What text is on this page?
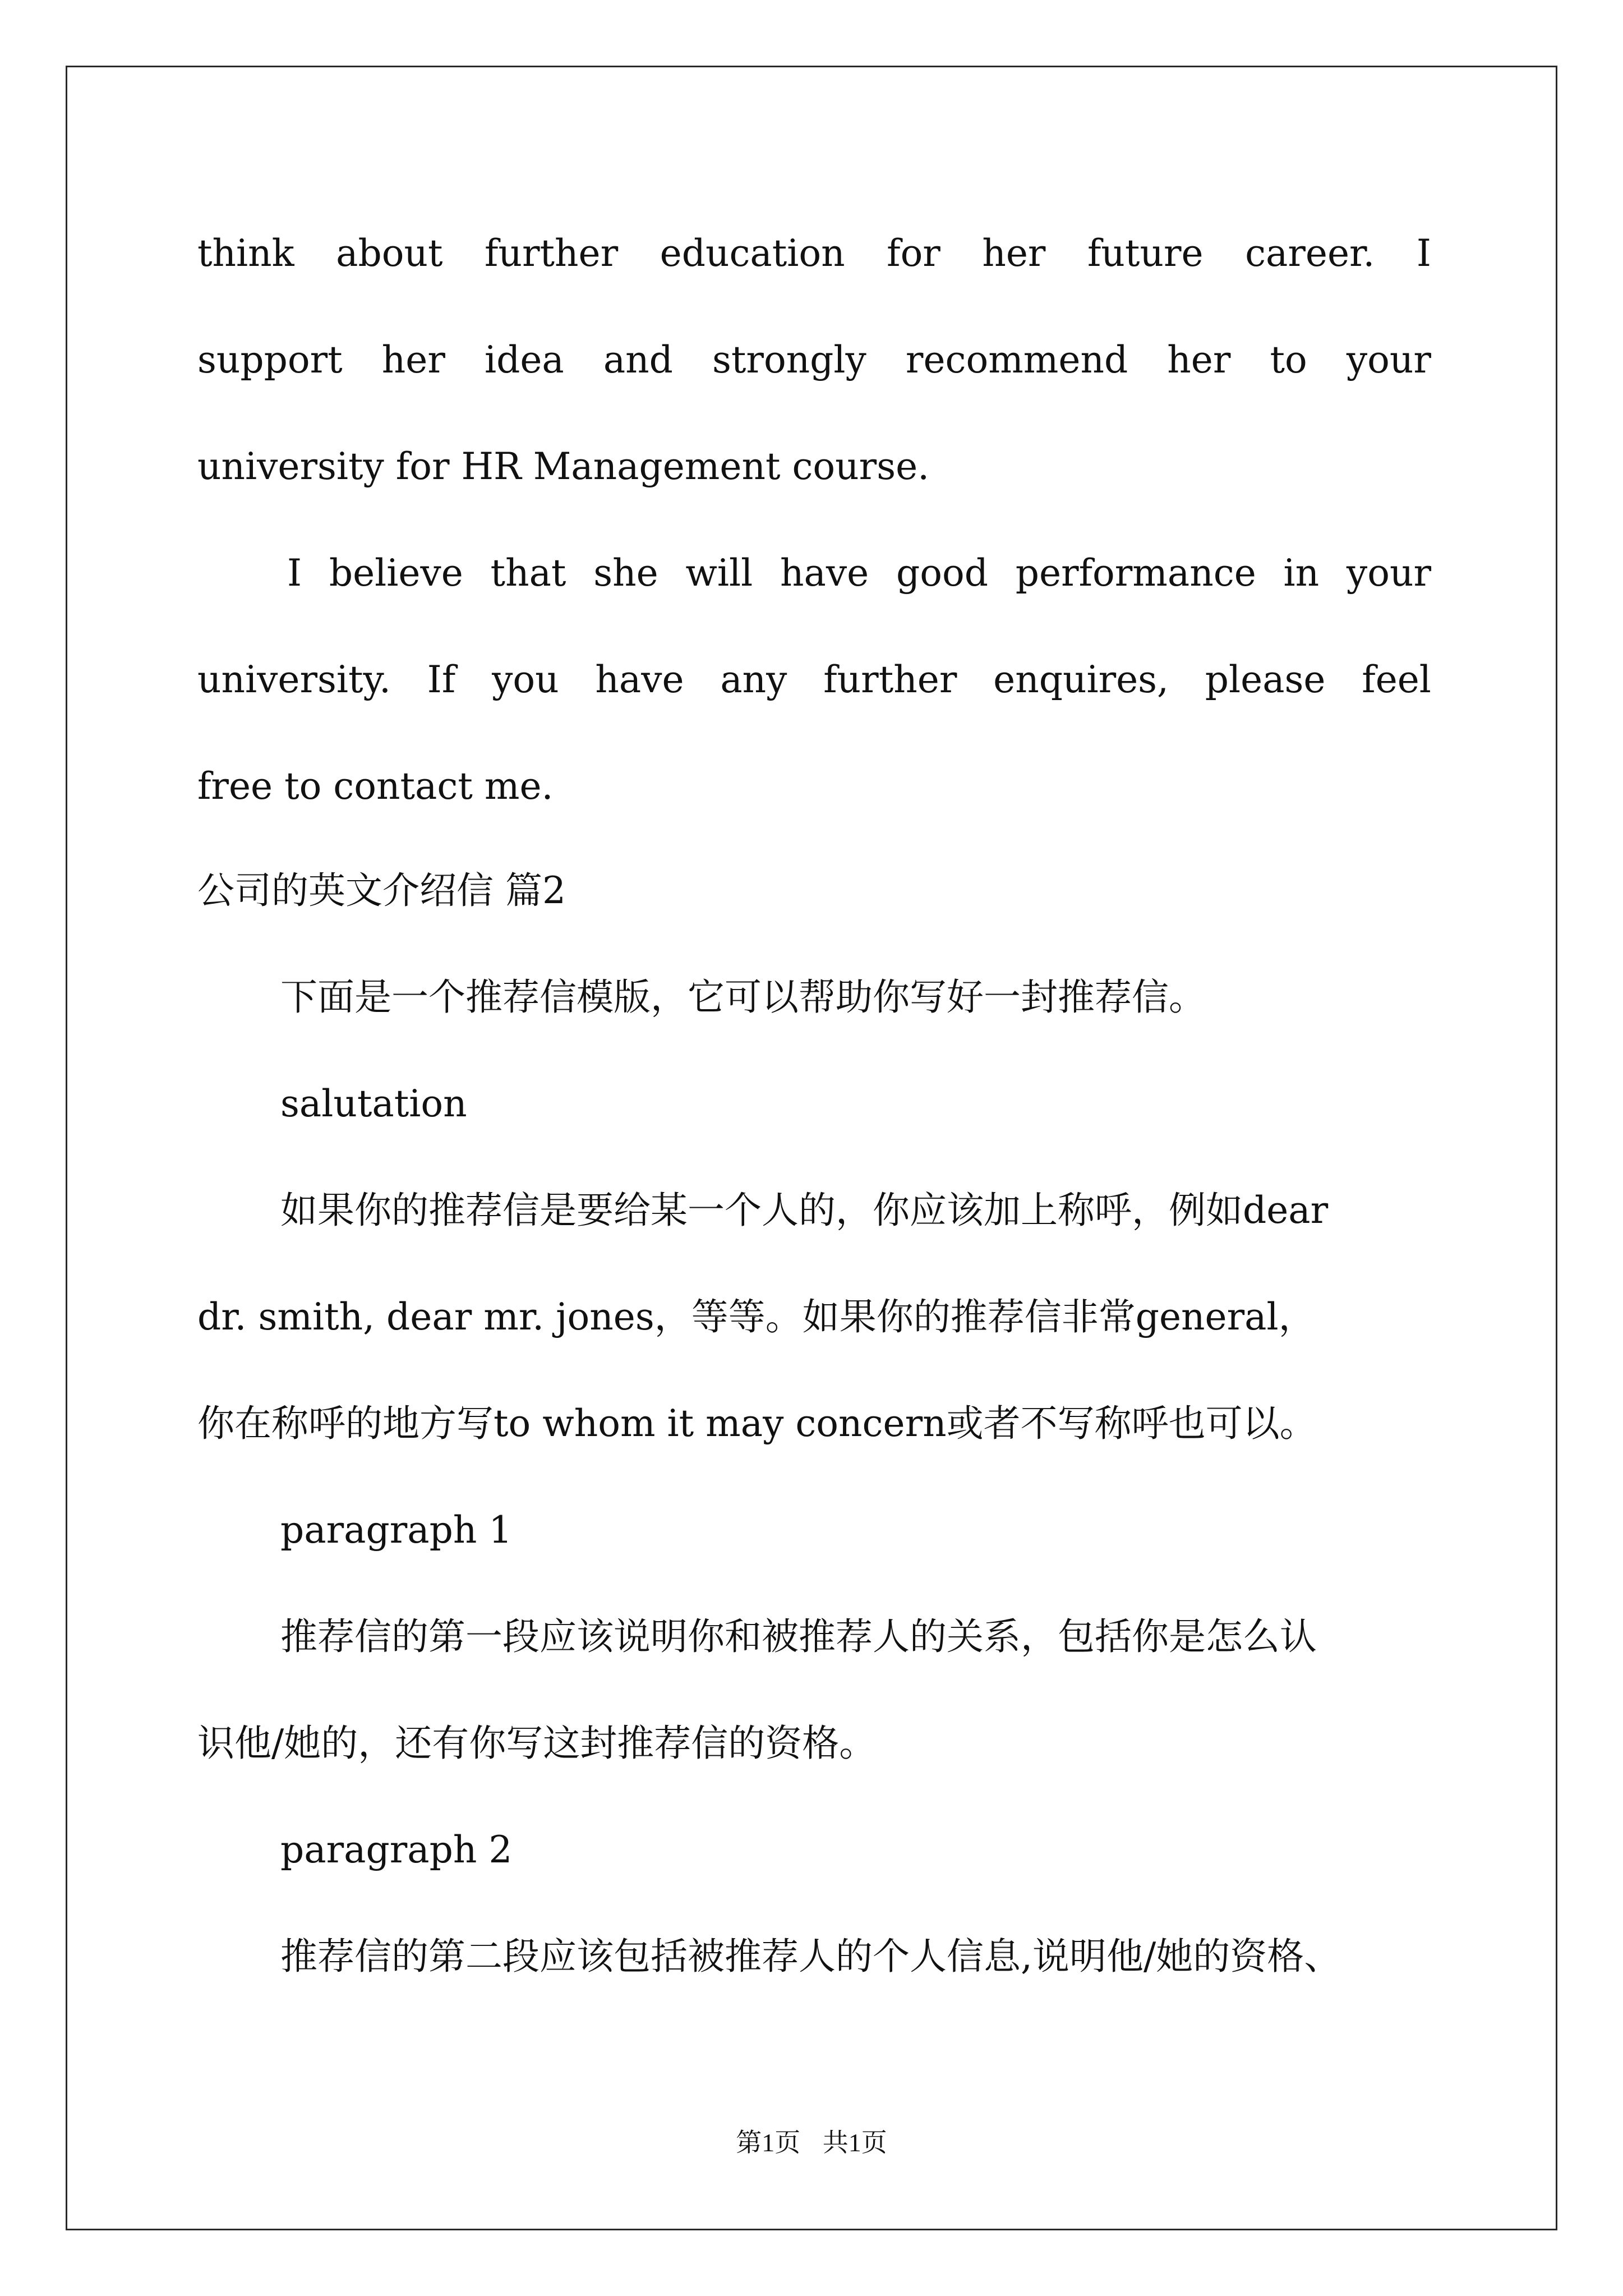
think about further education for her future career. I
support her idea and strongly recommend her to your
university for HR Management course.
I believe that she will have good performance in your
university. If you have any further enquires, please feel
free to contact me.
公司的英文介绍信 篇2
下面是一个推荐信模版，它可以帮助你写好一封推荐信。
salutation
如果你的推荐信是要给某一个人的，你应该加上称呼，例如dear
dr. smith, dear mr. jones，等等。如果你的推荐信非常general，
你在称呼的地方写to whom it may concern或者不写称呼也可以。
paragraph 1
推荐信的第一段应该说明你和被推荐人的关系，包括你是怎么认
识他/她的，还有你写这封推荐信的资格。
paragraph 2
推荐信的第二段应该包括被推荐人的个人信息,说明他/她的资格、
第1页 共1页
